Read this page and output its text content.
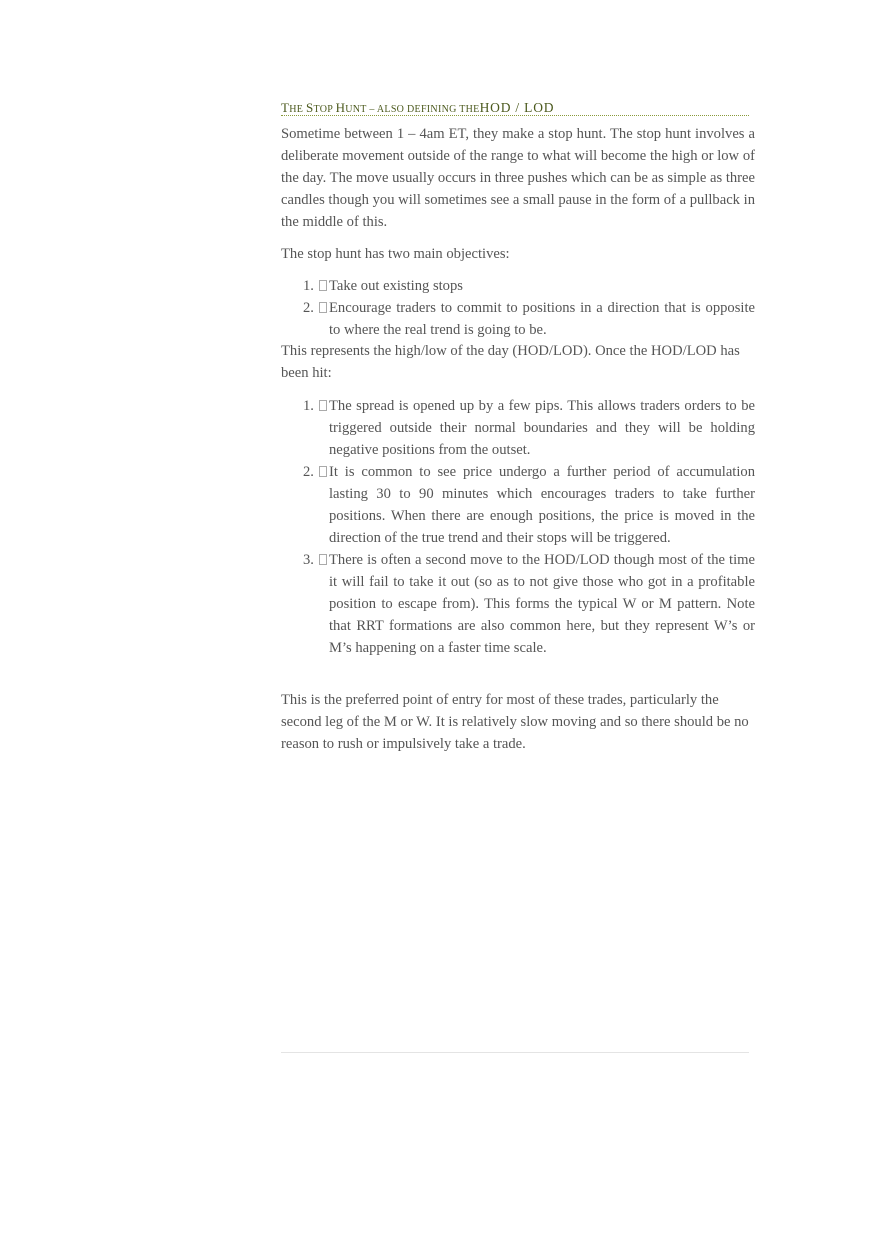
THE STOP HUNT – ALSO DEFINING THEHOD / LOD

Sometime between 1 – 4am ET, they make a stop hunt. The stop hunt involves a deliberate movement outside of the range to what will become the high or low of the day. The move usually occurs in three pushes which can be as simple as three candles though you will sometimes see a small pause in the form of a pullback in the middle of this.

The stop hunt has two main objectives:

1. Take out existing stops
2. Encourage traders to commit to positions in a direction that is opposite to where the real trend is going to be.

This represents the high/low of the day (HOD/LOD). Once the HOD/LOD has been hit:

1. The spread is opened up by a few pips. This allows traders orders to be triggered outside their normal boundaries and they will be holding negative positions from the outset.
2. It is common to see price undergo a further period of accumulation lasting 30 to 90 minutes which encourages traders to take further positions. When there are enough positions, the price is moved in the direction of the true trend and their stops will be triggered.
3. There is often a second move to the HOD/LOD though most of the time it will fail to take it out (so as to not give those who got in a profitable position to escape from). This forms the typical W or M pattern. Note that RRT formations are also common here, but they represent W’s or M’s happening on a faster time scale.

This is the preferred point of entry for most of these trades, particularly the second leg of the M or W. It is relatively slow moving and so there should be no reason to rush or impulsively take a trade.
